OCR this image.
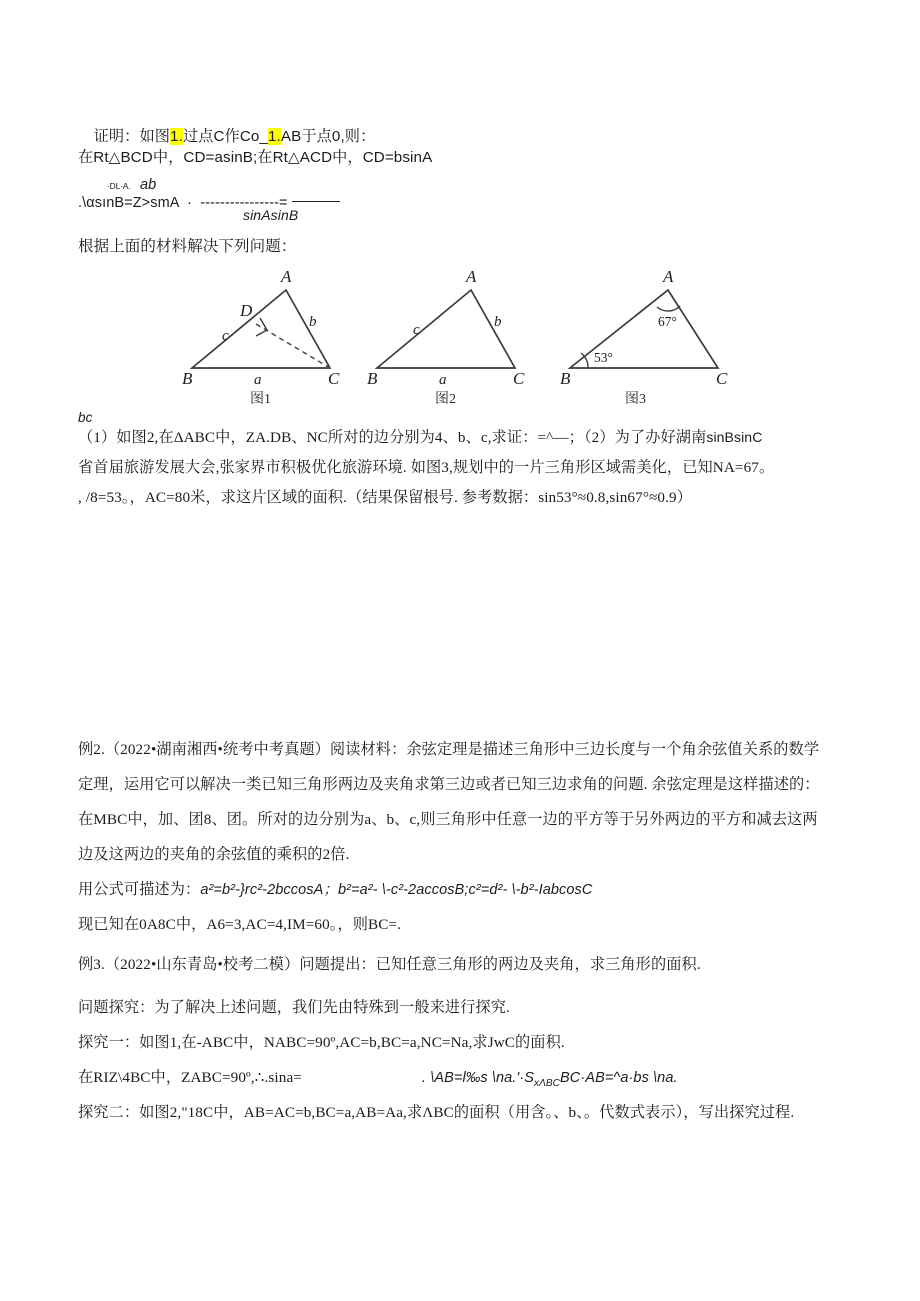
证明：如图1.过点C作Co_1.AB于点0,则：

在Rt△BCD中，CD=asinB;在Rt△ACD中，CD=bsinA
·DL·A. ab
.\αsınB=Z>smA  ·  ----------------=
sinAsinB
根据上面的材料解决下列问题：
A
B	C
D
c
b
a
图1
A
B	C
c	b
a
图2
A
B	C
67°
53°
图3
bc
（1）如图2,在ΔABC中，ZA.DB、NC所对的边分别为4、b、c,求证：=^—；（2）为了办好湖南sinBsinC
省首届旅游发展大会,张家界市积极优化旅游环境. 如图3,规划中的一片三角形区域需美化，已知NA=67。
, /8=53。，AC=80米，求这片区域的面积.（结果保留根号. 参考数据：sin53°≈0.8,sin67°≈0.9）
例2.（2022•湖南湘西•统考中考真题）阅读材料：余弦定理是描述三角形中三边长度与一个角余弦值关系的数学
定理，运用它可以解决一类已知三角形两边及夹角求第三边或者已知三边求角的问题. 余弦定理是这样描述的：
在MBC中，加、团8、团。所对的边分别为a、b、c,则三角形中任意一边的平方等于另外两边的平方和减去这两
边及这两边的夹角的余弦值的乘积的2倍.
用公式可描述为：a²=b²-}rc²-2bccosA；b²=a²- \-c²-2accosB;c²=d²- \-b²-IabcosC
现已知在0A8C中，A6=3,AC=4,IM=60。，则BC=.
例3.（2022•山东青岛•校考二模）问题提出：已知任意三角形的两边及夹角，求三角形的面积.
问题探究：为了解决上述问题，我们先由特殊到一般来进行探究.
探究一：如图1,在-ABC中，NABC=90º,AC=b,BC=a,NC=Na,求JwC的面积.
在RIZ\4BC中，ZABC=90º,∴.sina=	. \AB=l‰s $\backslash na.'\cdot S_{x\Lambda BC}BC\cdot AB=\^{}a\cdot bs$ \na.
探究二：如图2,"18C中，AB=AC=b,BC=a,AB=Aa,求ΛBC的面积（用含。、b、。代数式表示），写出探究过程.
